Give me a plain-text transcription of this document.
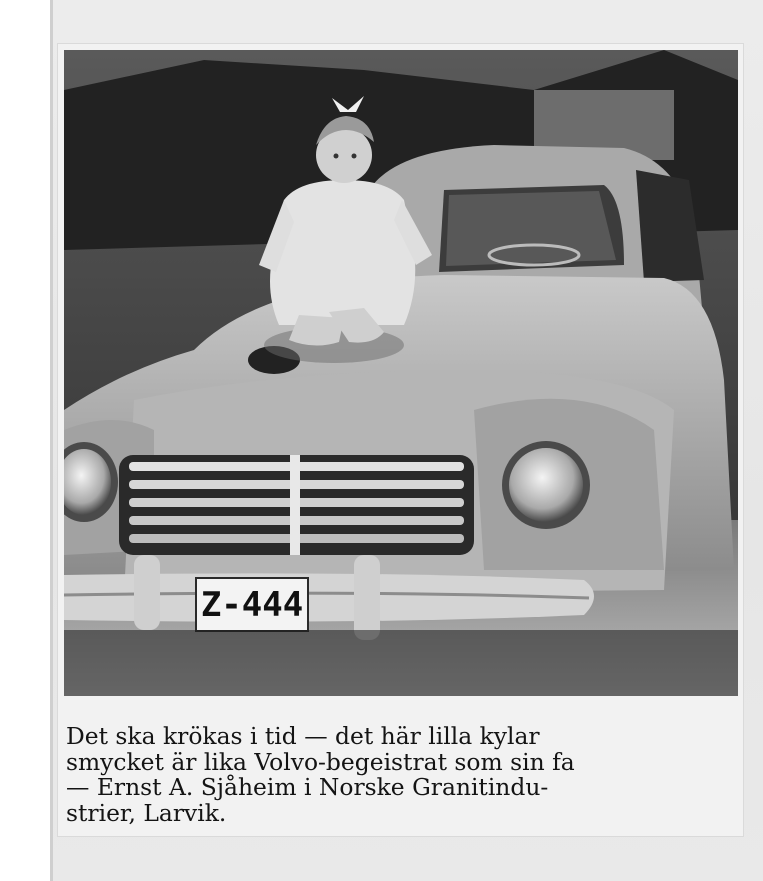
Z-444
Det ska krökas i tid — det här lilla kylar
smycket är lika Volvo-begeistrat som sin fa
— Ernst A. Sjåheim i Norske Granitindu-
strier, Larvik.
